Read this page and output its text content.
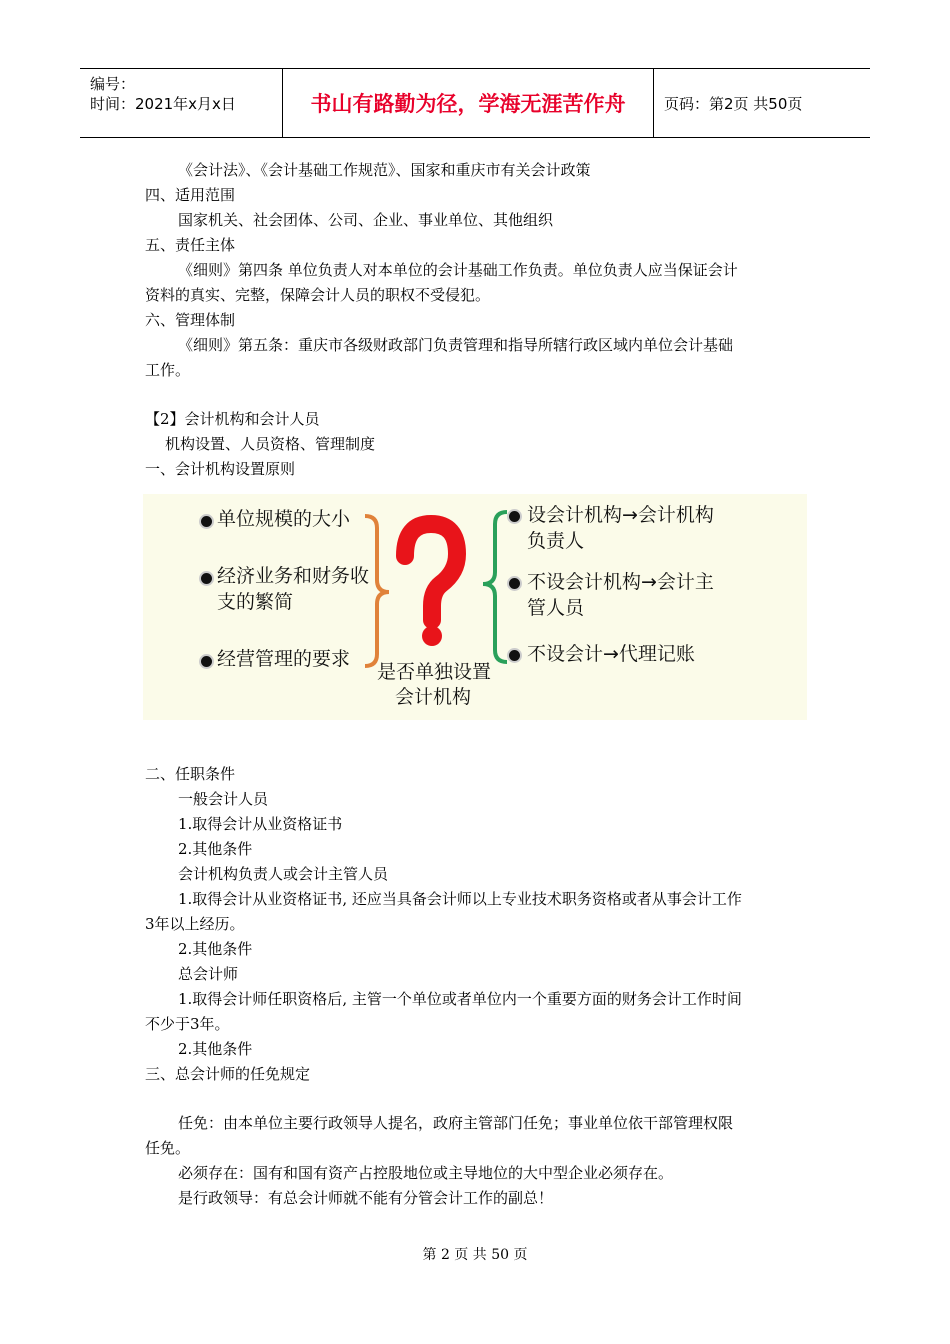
编号：
时间：2021年x月x日	书山有路勤为径，学海无涯苦作舟	页码：第2页 共50页
《会计法》、《会计基础工作规范》、国家和重庆市有关会计政策
四、适用范围
国家机关、社会团体、公司、企业、事业单位、其他组织
五、责任主体
《细则》第四条 单位负责人对本单位的会计基础工作负责。单位负责人应当保证会计
资料的真实、完整，保障会计人员的职权不受侵犯。
六、管理体制
《细则》第五条：重庆市各级财政部门负责管理和指导所辖行政区域内单位会计基础
工作。
【2】会计机构和会计人员
机构设置、人员资格、管理制度
一、会计机构设置原则
单位规模的大小
经济业务和财务收
支的繁简
经营管理的要求
是否单独设置
会计机构
设会计机构→会计机构
负责人
不设会计机构→会计主
管人员
不设会计→代理记账
二、任职条件
一般会计人员
1.取得会计从业资格证书
2.其他条件
会计机构负责人或会计主管人员
1.取得会计从业资格证书, 还应当具备会计师以上专业技术职务资格或者从事会计工作
3年以上经历。
2.其他条件
总会计师
1.取得会计师任职资格后, 主管一个单位或者单位内一个重要方面的财务会计工作时间
不少于3年。
2.其他条件
三、总会计师的任免规定
任免：由本单位主要行政领导人提名，政府主管部门任免；事业单位依干部管理权限
任免。
必须存在：国有和国有资产占控股地位或主导地位的大中型企业必须存在。
是行政领导：有总会计师就不能有分管会计工作的副总！
第 2 页 共 50 页
